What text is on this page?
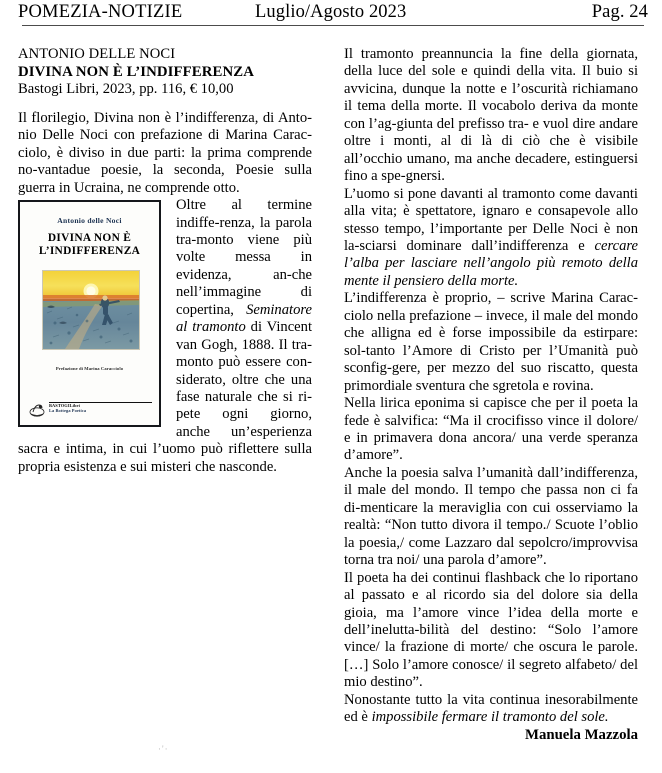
POMEZIA-NOTIZIE	Luglio/Agosto 2023	Pag. 24
ANTONIO DELLE NOCI
DIVINA NON È L’INDIFFERENZA
Bastogi Libri, 2023, pp. 116, € 10,00

Il florilegio, Divina non è l’indifferenza, di Anto-nio Delle Noci con prefazione di Marina Carac-ciolo, è diviso in due parti: la prima comprende no-vantadue poesie, la seconda, Poesie sulla guerra in Ucraina, ne comprende otto.

Antonio delle Noci
DIVINA NON È
L’INDIFFERENZA
Prefazione di Marina Caracciolo
BASTOGILibri
La Bottega Poetica

Oltre al termine indiffe-renza, la parola tra-monto viene più volte messa in evidenza, an-che nell’immagine di copertina, Seminatore al tramonto di Vincent van Gogh, 1888. Il tra-monto può essere con-siderato, oltre che una fase naturale che si ri-pete ogni giorno, anche un’esperienza sacra e intima, in cui l’uomo può riflettere sulla propria esistenza e sui misteri che nasconde.

Il tramonto preannuncia la fine della giornata, della luce del sole e quindi della vita. Il buio si avvicina, dunque la notte e l’oscurità richiamano il tema della morte. Il vocabolo deriva da monte con l’ag-giunta del prefisso tra- e vuol dire andare oltre i monti, al di là di ciò che è visibile all’occhio umano, ma anche decadere, estinguersi fino a spe-gnersi.

L’uomo si pone davanti al tramonto come davanti alla vita; è spettatore, ignaro e consapevole allo stesso tempo, l’importante per Delle Noci è non la-sciarsi dominare dall’indifferenza e cercare l’alba per lasciare nell’angolo più remoto della mente il pensiero della morte.

L’indifferenza è proprio, – scrive Marina Carac-ciolo nella prefazione – invece, il male del mondo che alligna ed è forse impossibile da estirpare: sol-tanto l’Amore di Cristo per l’Umanità può sconfig-gere, per mezzo del suo riscatto, questa primordiale sventura che sgretola e rovina.

Nella lirica eponima si capisce che per il poeta la fede è salvifica: “Ma il crocifisso vince il dolore/ e in primavera dona ancora/ una verde speranza d’amore”.

Anche la poesia salva l’umanità dall’indifferenza, il male del mondo. Il tempo che passa non ci fa di-menticare la meraviglia con cui osserviamo la realtà: “Non tutto divora il tempo./ Scuote l’oblio la poesia,/ come Lazzaro dal sepolcro/improvvisa torna tra noi/ una parola d’amore”.

Il poeta ha dei continui flashback che lo riportano al passato e al ricordo sia del dolore sia della gioia, ma l’amore vince l’idea della morte e dell’inelutta-bilità del destino: “Solo l’amore vince/ la frazione di morte/ che oscura le parole. […] Solo l’amore conosce/ il segreto alfabeto/ del mio destino”.

Nonostante tutto la vita continua inesorabilmente ed è impossibile fermare il tramonto del sole.

Manuela Mazzola

·'·
